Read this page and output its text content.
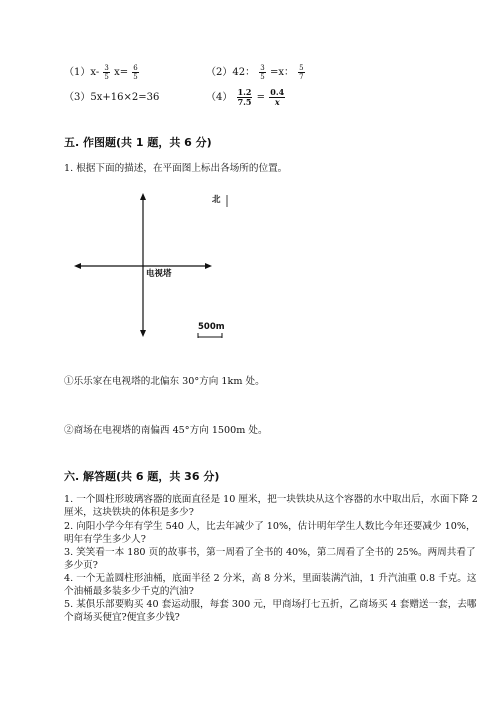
$(1)x- \frac{3}{5} x= \frac{6}{5}$	（2）42： $\frac{3}{5} =x$： $\frac{5}{7}$
（3）5x+16×2=36	$(4) \frac{1.2}{7.5} = \frac{0.4}{x}$
五. 作图题(共 1 题，共 6 分)
1. 根据下面的描述，在平面图上标出各场所的位置。
北
电视塔
500m
①乐乐家在电视塔的北偏东 30°方向 1km 处。
②商场在电视塔的南偏西 45°方向 1500m 处。
六. 解答题(共 6 题，共 36 分)
1. 一个圆柱形玻璃容器的底面直径是 10 厘米，把一块铁块从这个容器的水中取出后，水面下降 2 厘米，这块铁块的体积是多少?
2. 向阳小学今年有学生 540 人，比去年减少了 10%，估计明年学生人数比今年还要减少 10%，明年有学生多少人?
3. 笑笑看一本 180 页的故事书，第一周看了全书的 40%，第二周看了全书的 25%。两周共看了多少页?
4. 一个无盖圆柱形油桶，底面半径 2 分米，高 8 分米，里面装满汽油，1 升汽油重 0.8 千克。这个油桶最多装多少千克的汽油?
5. 某俱乐部要购买 40 套运动服，每套 300 元，甲商场打七五折，乙商场买 4 套赠送一套，去哪个商场买便宜?便宜多少钱?
